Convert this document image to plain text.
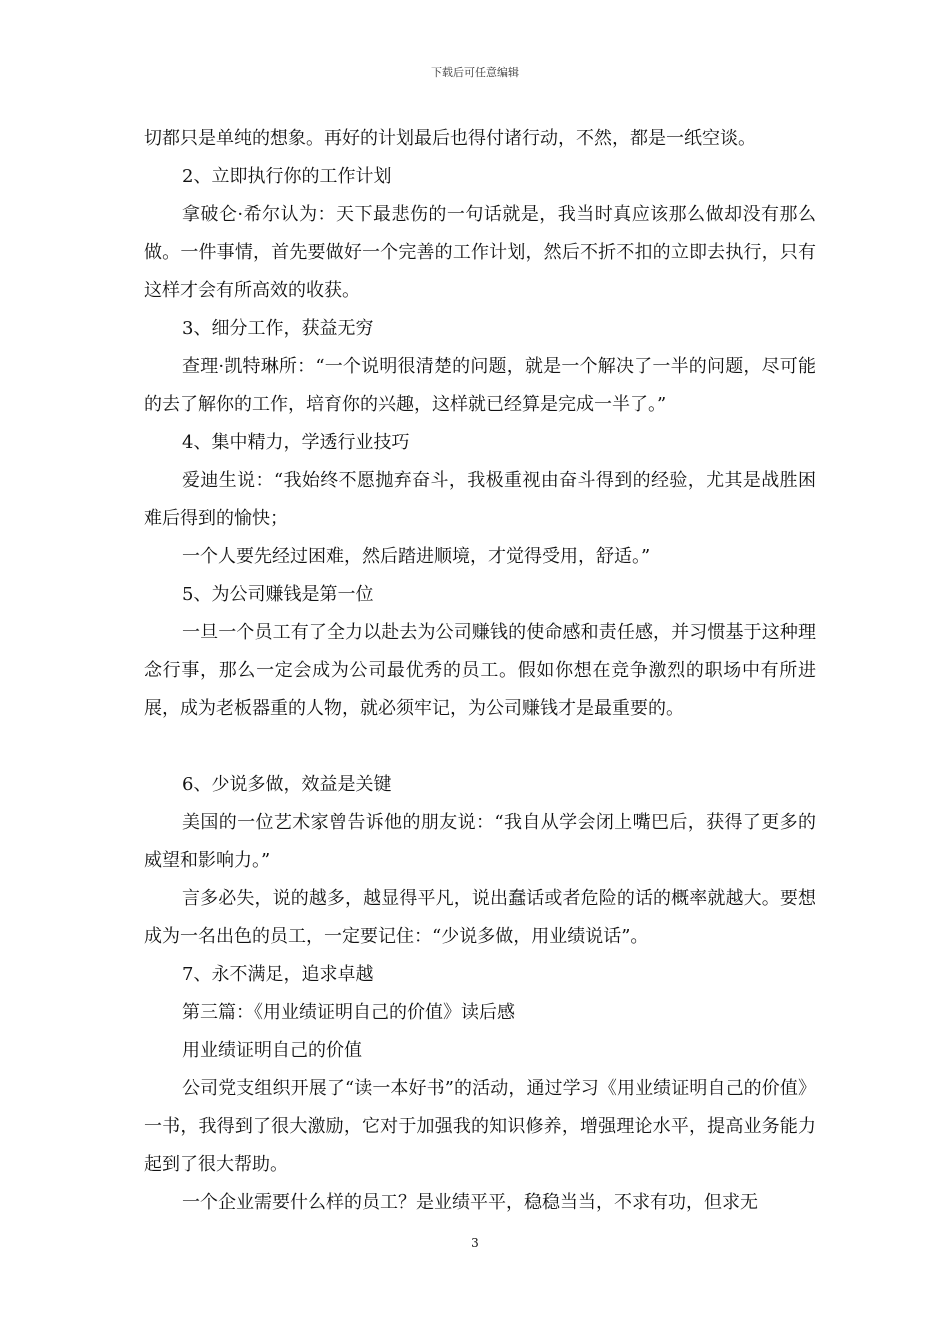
下载后可任意编辑

切都只是单纯的想象。再好的计划最后也得付诸行动，不然，都是一纸空谈。

2、立即执行你的工作计划

拿破仑·希尔认为：天下最悲伤的一句话就是，我当时真应该那么做却没有那么做。一件事情，首先要做好一个完善的工作计划，然后不折不扣的立即去执行，只有这样才会有所高效的收获。

3、细分工作，获益无穷

查理·凯特琳所：“一个说明很清楚的问题，就是一个解决了一半的问题，尽可能的去了解你的工作，培育你的兴趣，这样就已经算是完成一半了。”

4、集中精力，学透行业技巧

爱迪生说：“我始终不愿抛弃奋斗，我极重视由奋斗得到的经验，尤其是战胜困难后得到的愉快；

一个人要先经过困难，然后踏进顺境，才觉得受用，舒适。”

5、为公司赚钱是第一位

一旦一个员工有了全力以赴去为公司赚钱的使命感和责任感，并习惯基于这种理念行事，那么一定会成为公司最优秀的员工。假如你想在竞争激烈的职场中有所进展，成为老板器重的人物，就必须牢记，为公司赚钱才是最重要的。

6、少说多做，效益是关键

美国的一位艺术家曾告诉他的朋友说：“我自从学会闭上嘴巴后，获得了更多的威望和影响力。”

言多必失，说的越多，越显得平凡，说出蠢话或者危险的话的概率就越大。要想成为一名出色的员工，一定要记住：“少说多做，用业绩说话”。

7、永不满足，追求卓越

第三篇：《用业绩证明自己的价值》读后感

用业绩证明自己的价值

公司党支组织开展了“读一本好书”的活动，通过学习《用业绩证明自己的价值》一书，我得到了很大激励，它对于加强我的知识修养，增强理论水平，提高业务能力起到了很大帮助。

一个企业需要什么样的员工？是业绩平平，稳稳当当，不求有功，但求无

3
